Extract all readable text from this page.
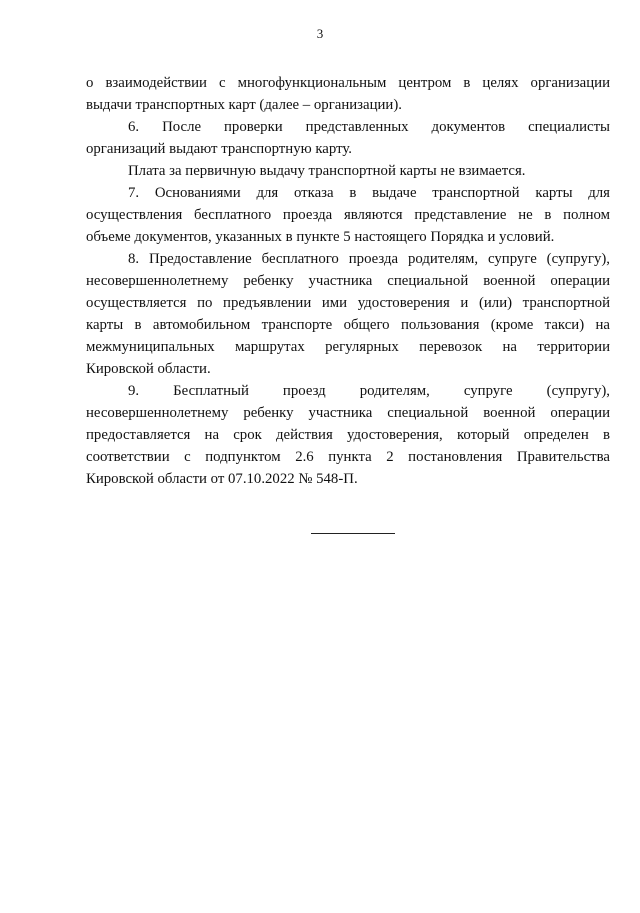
3

о взаимодействии с многофункциональным центром в целях организации
выдачи транспортных карт (далее – организации).

6. После проверки представленных документов специалисты
организаций выдают транспортную карту.

Плата за первичную выдачу транспортной карты не взимается.

7. Основаниями для отказа в выдаче транспортной карты для
осуществления бесплатного проезда являются представление не в полном
объеме документов, указанных в пункте 5 настоящего Порядка и условий.

8. Предоставление бесплатного проезда родителям, супруге (супругу),
несовершеннолетнему ребенку участника специальной военной операции
осуществляется по предъявлении ими удостоверения и (или) транспортной
карты в автомобильном транспорте общего пользования (кроме такси) на
межмуниципальных маршрутах регулярных перевозок на территории
Кировской области.

9. Бесплатный проезд родителям, супруге (супругу),
несовершеннолетнему ребенку участника специальной военной операции
предоставляется на срок действия удостоверения, который определен в
соответствии с подпунктом 2.6 пункта 2 постановления Правительства
Кировской области от 07.10.2022 № 548-П.
